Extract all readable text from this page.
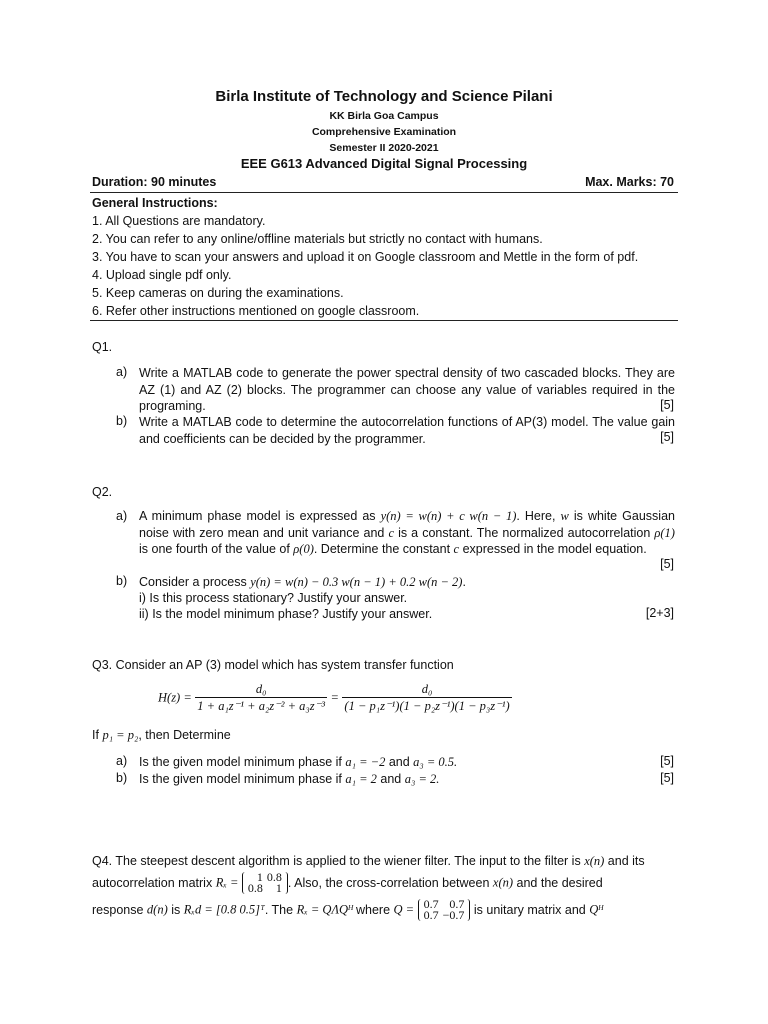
Birla Institute of Technology and Science Pilani
KK Birla Goa Campus
Comprehensive Examination
Semester II 2020-2021
EEE G613 Advanced Digital Signal Processing
Duration: 90 minutes	Max. Marks: 70
General Instructions:
1. All Questions are mandatory.
2. You can refer to any online/offline materials but strictly no contact with humans.
3. You have to scan your answers and upload it on Google classroom and Mettle in the form of pdf.
4. Upload single pdf only.
5. Keep cameras on during the examinations.
6. Refer other instructions mentioned on google classroom.
Q1.
a) Write a MATLAB code to generate the power spectral density of two cascaded blocks. They are AZ (1) and AZ (2) blocks. The programmer can choose any value of variables required in the programing.	[5]
b) Write a MATLAB code to determine the autocorrelation functions of AP(3) model. The value gain and coefficients can be decided by the programmer.	[5]
Q2.
a) A minimum phase model is expressed as y(n) = w(n) + c w(n − 1). Here, w is white Gaussian noise with zero mean and unit variance and c is a constant. The normalized autocorrelation ρ(1) is one fourth of the value of ρ(0). Determine the constant c expressed in the model equation.
[5]
b) Consider a process y(n) = w(n) − 0.3 w(n − 1) + 0.2 w(n − 2).
i) Is this process stationary? Justify your answer.
ii) Is the model minimum phase? Justify your answer.	[2+3]
Q3. Consider an AP (3) model which has system transfer function
$H(z) = \frac{\text{d₀}}{\text{1 + a₁z⁻¹ + a₂z⁻² + a₃z⁻³}} = \frac{\text{d₀}}{\text{(1 − p₁z⁻¹)(1 − p₂z⁻¹)(1 − p₃z⁻¹)}}$
If p₁ = p₂, then Determine
a) Is the given model minimum phase if a₁ = −2 and a₃ = 0.5.	[5]
b) Is the given model minimum phase if a₁ = 2 and a₃ = 2.	[5]
Q4. The steepest descent algorithm is applied to the wiener filter. The input to the filter is x(n) and its
autocorrelation matrix Rₓ = 1	0.8
0.8	1 . Also, the cross-correlation between x(n) and the desired
response d(n) is Rₓd = [0.8 0.5]ᵀ. The Rₓ = QΛQᴴ where Q = 0.7	0.7
0.7	−0.7 is unitary matrix and Qᴴ
